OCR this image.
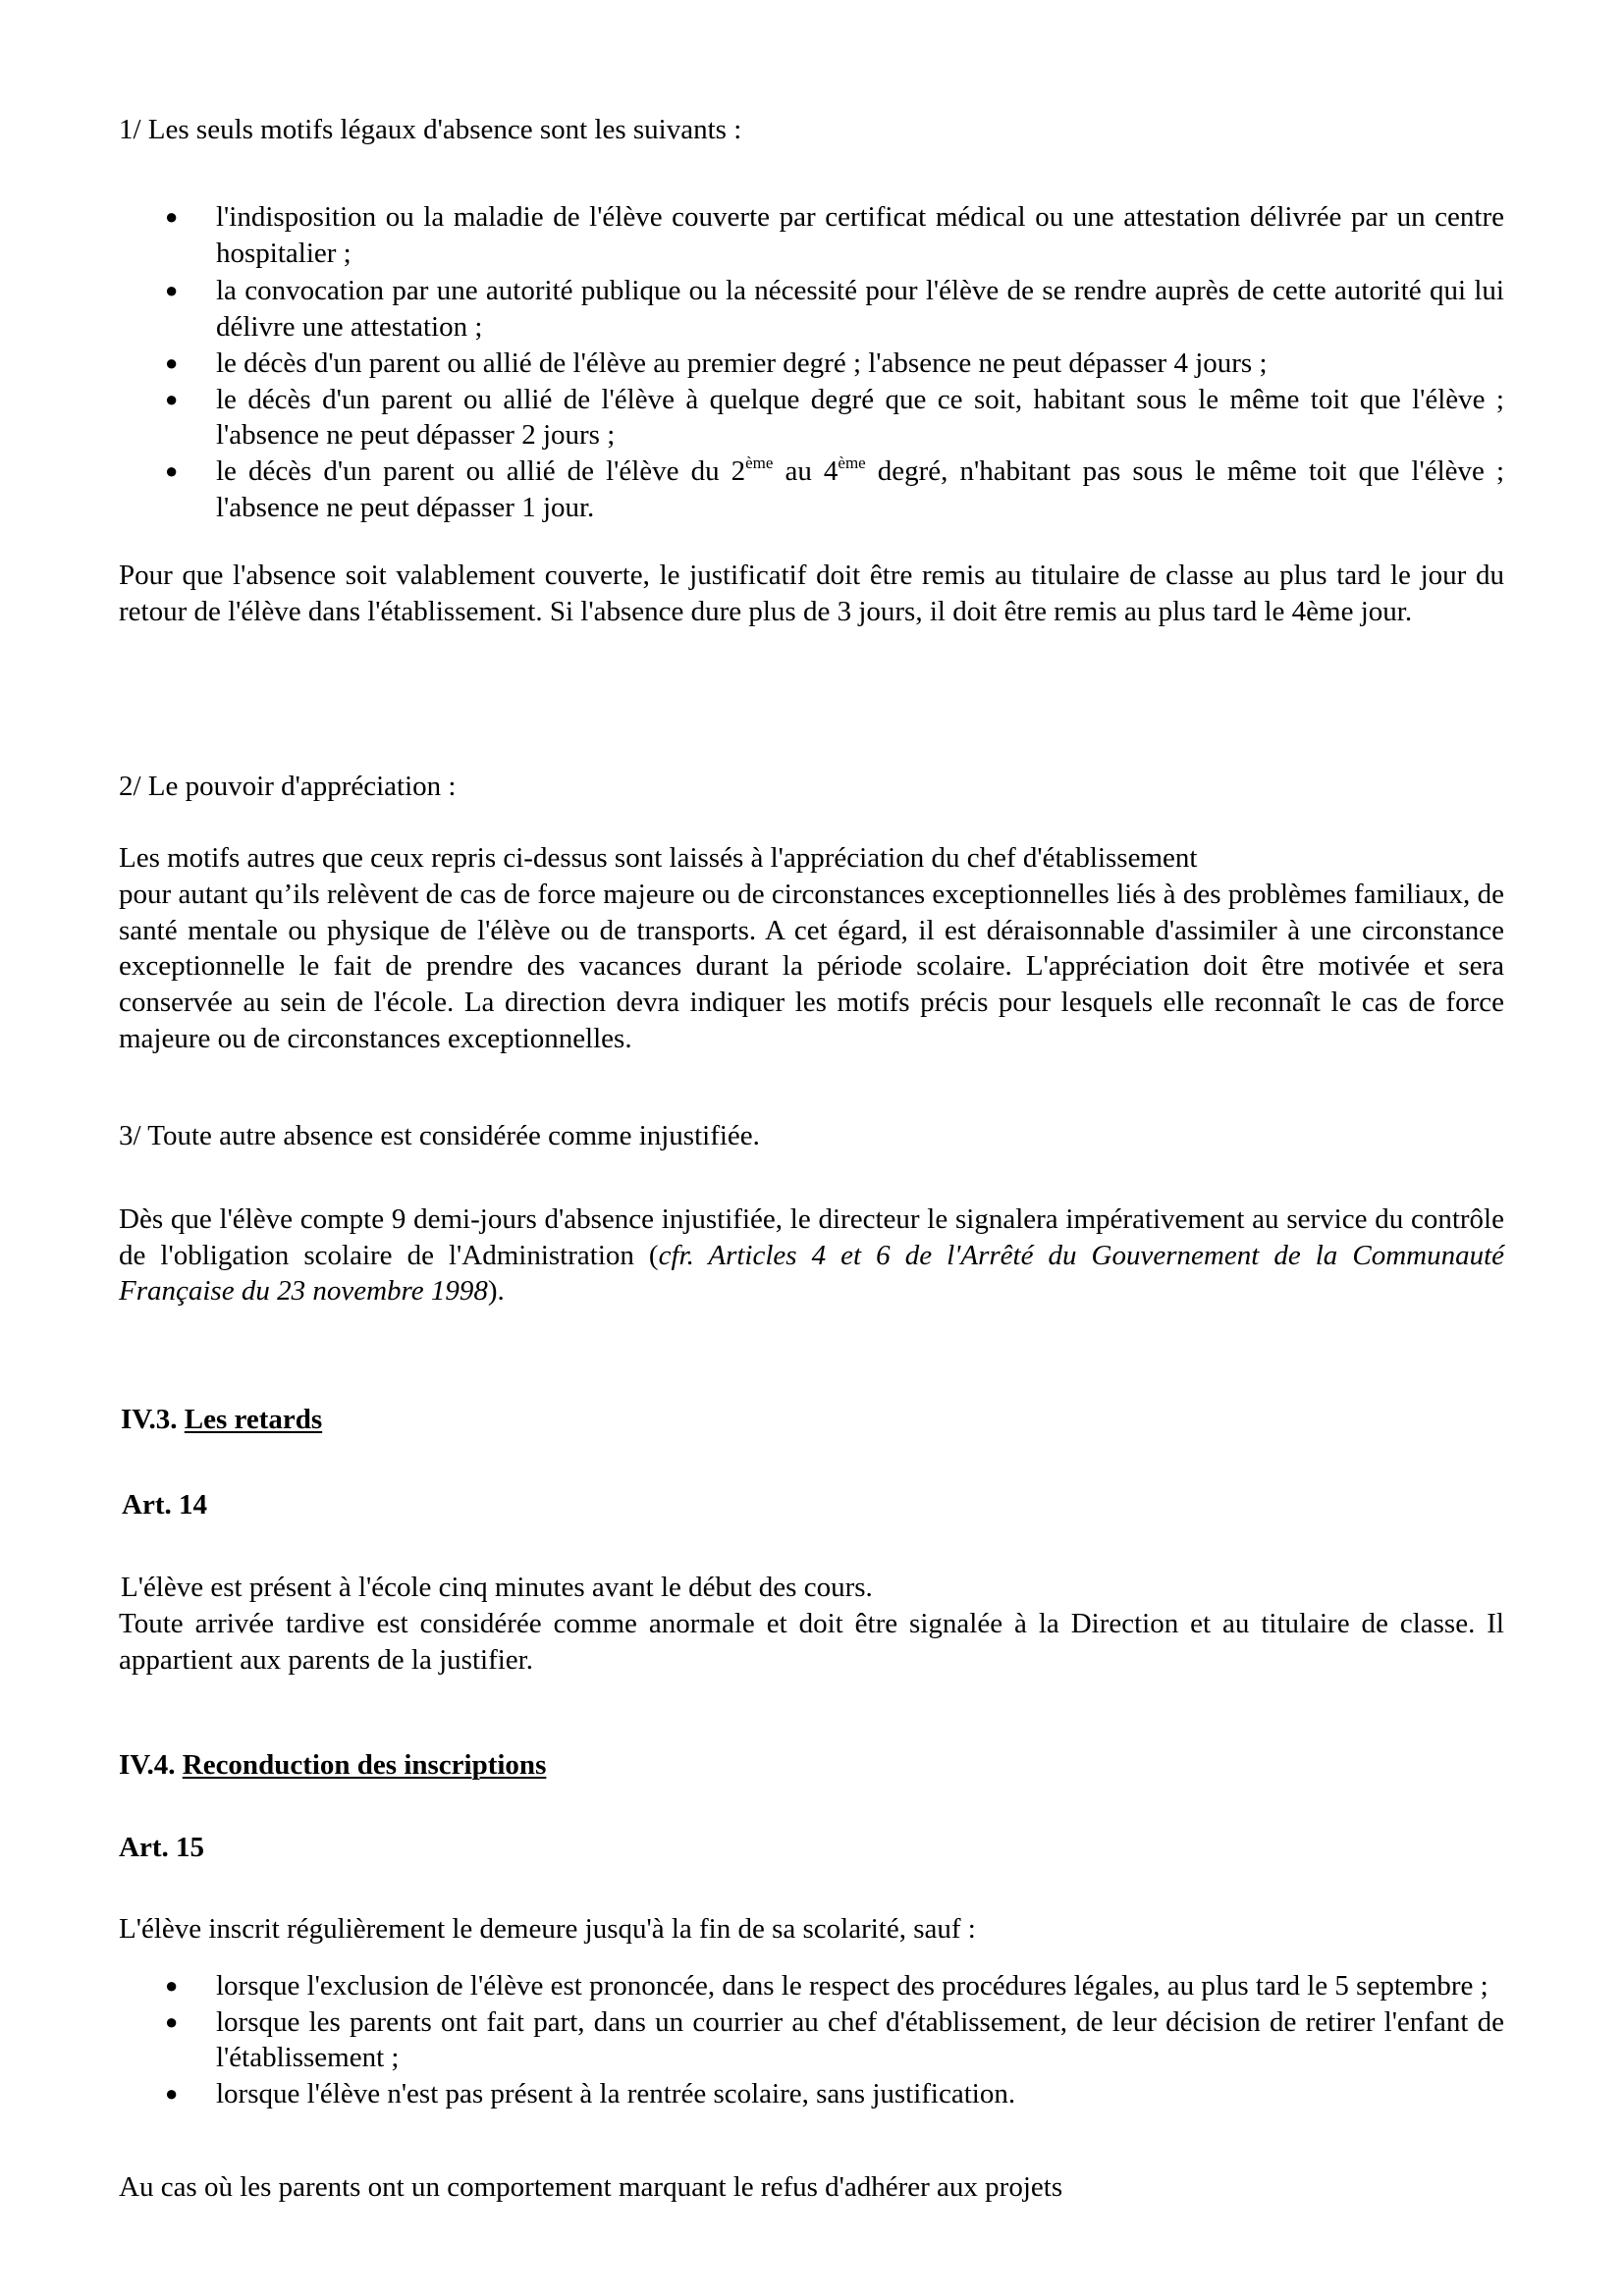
1/ Les seuls motifs légaux d'absence sont les suivants :

● l'indisposition ou la maladie de l'élève couverte par certificat médical ou une attestation délivrée par un centre hospitalier ;
● la convocation par une autorité publique ou la nécessité pour l'élève de se rendre auprès de cette autorité qui lui délivre une attestation ;
● le décès d'un parent ou allié de l'élève au premier degré ; l'absence ne peut dépasser 4 jours ;
● le décès d'un parent ou allié de l'élève à quelque degré que ce soit, habitant sous le même toit que l'élève ; l'absence ne peut dépasser 2 jours ;
● le décès d'un parent ou allié de l'élève du 2ème au 4ème degré, n'habitant pas sous le même toit que l'élève ; l'absence ne peut dépasser 1 jour.

Pour que l'absence soit valablement couverte, le justificatif doit être remis au titulaire de classe au plus tard le jour du retour de l'élève dans l'établissement. Si l'absence dure plus de 3 jours, il doit être remis au plus tard le 4ème jour.

2/ Le pouvoir d'appréciation :

Les motifs autres que ceux repris ci-dessus sont laissés à l'appréciation du chef d'établissement

pour autant qu’ils relèvent de cas de force majeure ou de circonstances exceptionnelles liés à des problèmes familiaux, de santé mentale ou physique de l'élève ou de transports. A cet égard, il est déraisonnable d'assimiler à une circonstance exceptionnelle le fait de prendre des vacances durant la période scolaire. L'appréciation doit être motivée et sera conservée au sein de l'école. La direction devra indiquer les motifs précis pour lesquels elle reconnaît le cas de force majeure ou de circonstances exceptionnelles.

3/ Toute autre absence est considérée comme injustifiée.

Dès que l'élève compte 9 demi-jours d'absence injustifiée, le directeur le signalera impérativement au service du contrôle de l'obligation scolaire de l'Administration (cfr. Articles 4 et 6 de l'Arrêté du Gouvernement de la Communauté Française du 23 novembre 1998).

IV.3. Les retards

Art. 14

L'élève est présent à l'école cinq minutes avant le début des cours.

Toute arrivée tardive est considérée comme anormale et doit être signalée à la Direction et au titulaire de classe. Il appartient aux parents de la justifier.

IV.4. Reconduction des inscriptions

Art. 15

L'élève inscrit régulièrement le demeure jusqu'à la fin de sa scolarité, sauf :

● lorsque l'exclusion de l'élève est prononcée, dans le respect des procédures légales, au plus tard le 5 septembre ;
● lorsque les parents ont fait part, dans un courrier au chef d'établissement, de leur décision de retirer l'enfant de l'établissement ;
● lorsque l'élève n'est pas présent à la rentrée scolaire, sans justification.

Au cas où les parents ont un comportement marquant le refus d'adhérer aux projets
